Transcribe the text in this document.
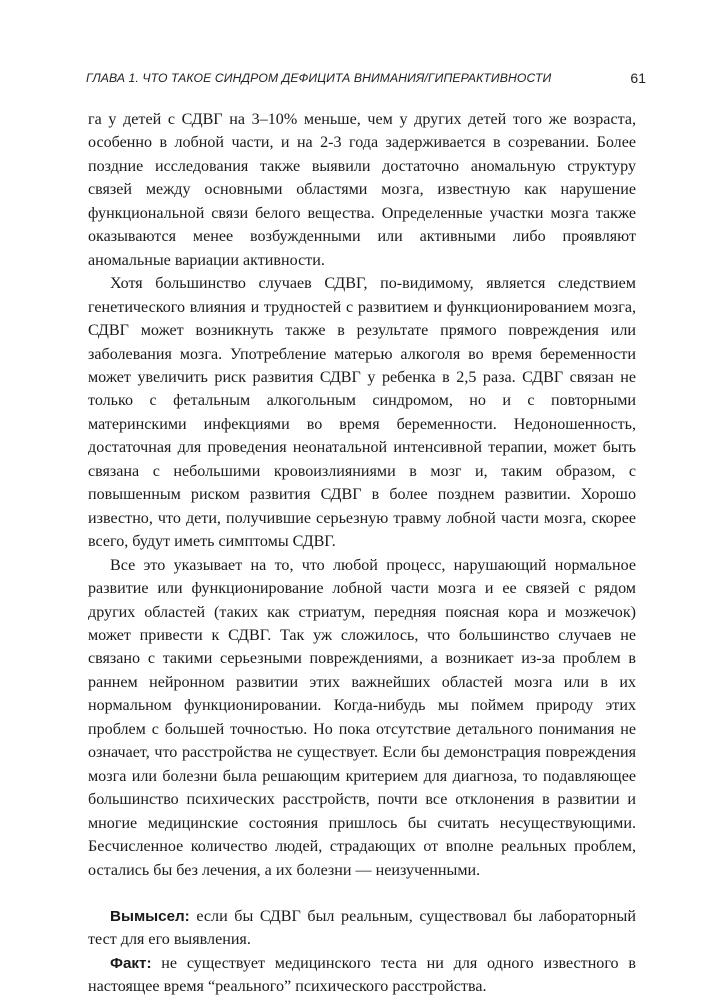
ГЛАВА 1. ЧТО ТАКОЕ СИНДРОМ ДЕФИЦИТА ВНИМАНИЯ/ГИПЕРАКТИВНОСТИ	61

га у детей с СДВГ на 3–10% меньше, чем у других детей того же возраста, особенно в лобной части, и на 2-3 года задерживается в созревании. Более поздние исследования также выявили достаточно аномальную структуру связей между основными областями мозга, известную как нарушение функциональной связи белого вещества. Определенные участки мозга также оказываются менее возбужденными или активными либо проявляют аномальные вариации активности.

Хотя большинство случаев СДВГ, по-видимому, является следствием генетического влияния и трудностей с развитием и функционированием мозга, СДВГ может возникнуть также в результате прямого повреждения или заболевания мозга. Употребление матерью алкоголя во время беременности может увеличить риск развития СДВГ у ребенка в 2,5 раза. СДВГ связан не только с фетальным алкогольным синдромом, но и с повторными материнскими инфекциями во время беременности. Недоношенность, достаточная для проведения неонатальной интенсивной терапии, может быть связана с небольшими кровоизлияниями в мозг и, таким образом, с повышенным риском развития СДВГ в более позднем развитии. Хорошо известно, что дети, получившие серьезную травму лобной части мозга, скорее всего, будут иметь симптомы СДВГ.

Все это указывает на то, что любой процесс, нарушающий нормальное развитие или функционирование лобной части мозга и ее связей с рядом других областей (таких как стриатум, передняя поясная кора и мозжечок) может привести к СДВГ. Так уж сложилось, что большинство случаев не связано с такими серьезными повреждениями, а возникает из-за проблем в раннем нейронном развитии этих важнейших областей мозга или в их нормальном функционировании. Когда-нибудь мы поймем природу этих проблем с большей точностью. Но пока отсутствие детального понимания не означает, что расстройства не существует. Если бы демонстрация повреждения мозга или болезни была решающим критерием для диагноза, то подавляющее большинство психических расстройств, почти все отклонения в развитии и многие медицинские состояния пришлось бы считать несуществующими. Бесчисленное количество людей, страдающих от вполне реальных проблем, остались бы без лечения, а их болезни — неизученными.

Вымысел: если бы СДВГ был реальным, существовал бы лабораторный тест для его выявления.

Факт: не существует медицинского теста ни для одного известного в настоящее время “реального” психического расстройства.
